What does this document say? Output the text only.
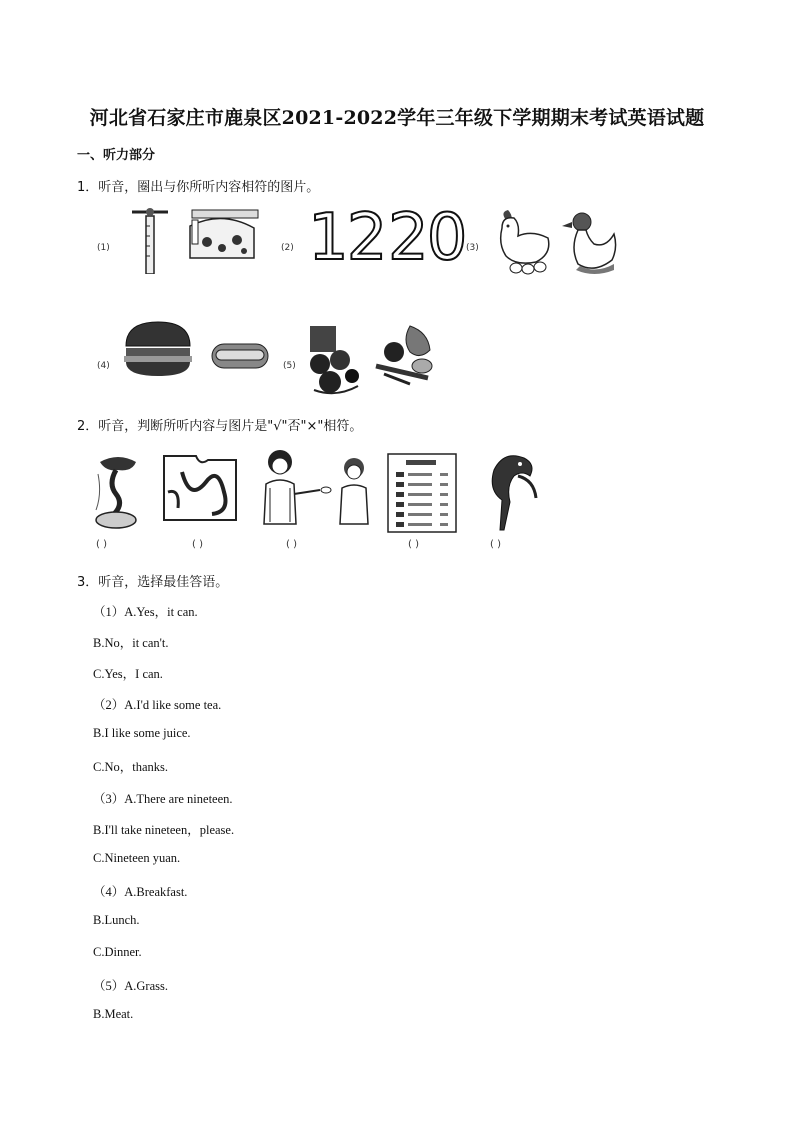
河北省石家庄市鹿泉区2021-2022学年三年级下学期期末考试英语试题
一、听力部分
1．听音，圈出与你所听内容相符的图片。
(1)	(2) 12 20 (3)
(4)	(5)
2．听音，判断所听内容与图片是"√"否"×"相符。
( )	( )	( )	( )	( )
3．听音，选择最佳答语。
（1）A.Yes，it can.
B.No，it can't.
C.Yes，I can.
（2）A.I'd like some tea.
B.I like some juice.
C.No，thanks.
（3）A.There are nineteen.
B.I'll take nineteen，please.
C.Nineteen yuan.
（4）A.Breakfast.
B.Lunch.
C.Dinner.
（5）A.Grass.
B.Meat.
